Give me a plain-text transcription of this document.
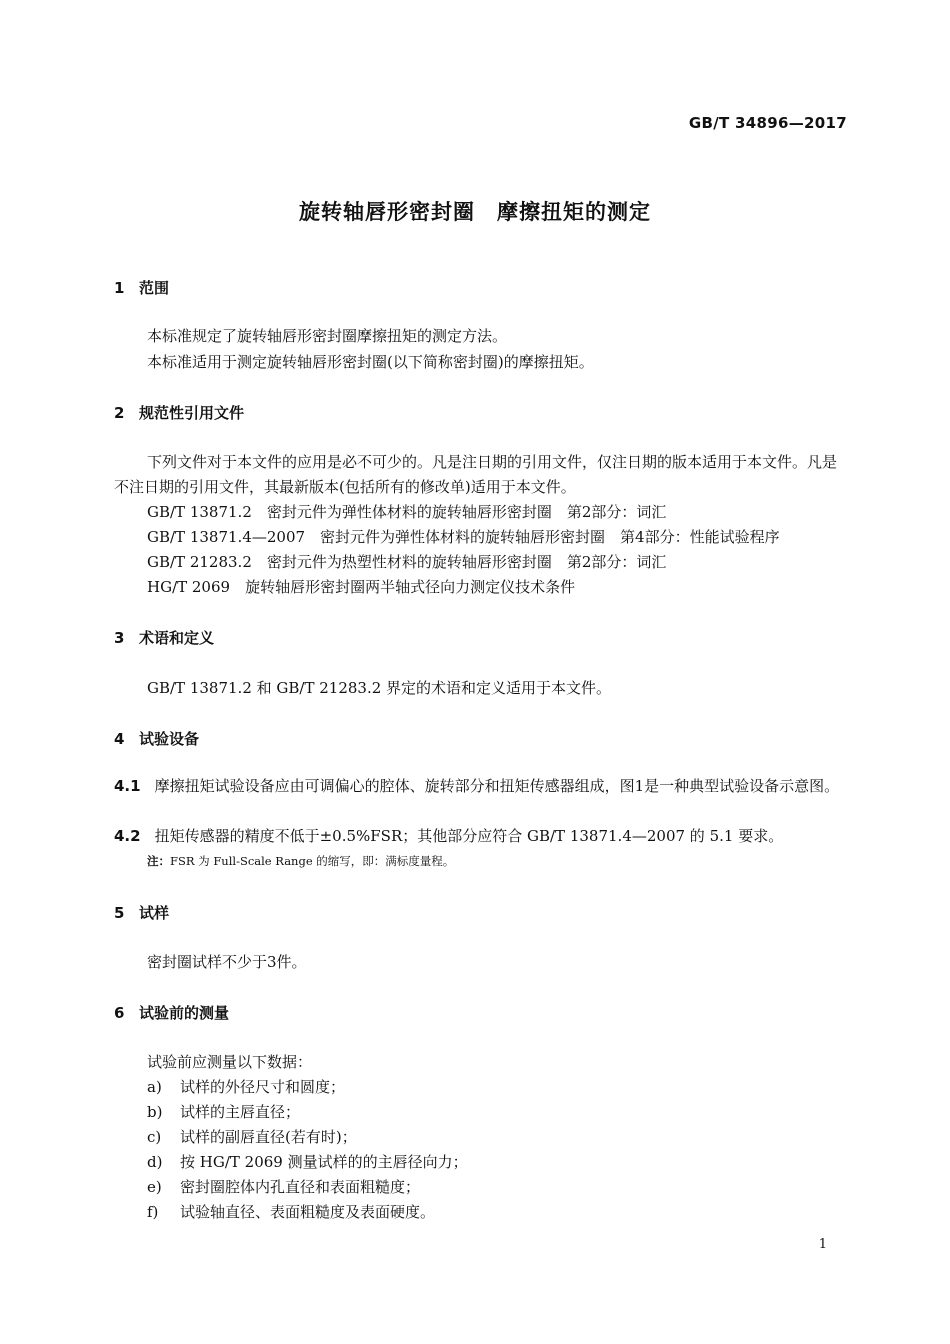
GB/T 34896—2017
旋转轴唇形密封圈　摩擦扭矩的测定
1 范围
本标准规定了旋转轴唇形密封圈摩擦扭矩的测定方法。
本标准适用于测定旋转轴唇形密封圈(以下简称密封圈)的摩擦扭矩。
2 规范性引用文件
下列文件对于本文件的应用是必不可少的。凡是注日期的引用文件，仅注日期的版本适用于本文件。凡是不注日期的引用文件，其最新版本(包括所有的修改单)适用于本文件。
GB/T 13871.2　密封元件为弹性体材料的旋转轴唇形密封圈　第2部分：词汇
GB/T 13871.4—2007　密封元件为弹性体材料的旋转轴唇形密封圈　第4部分：性能试验程序
GB/T 21283.2　密封元件为热塑性材料的旋转轴唇形密封圈　第2部分：词汇
HG/T 2069　旋转轴唇形密封圈两半轴式径向力测定仪技术条件
3 术语和定义
GB/T 13871.2 和 GB/T 21283.2 界定的术语和定义适用于本文件。
4 试验设备
4.1 摩擦扭矩试验设备应由可调偏心的腔体、旋转部分和扭矩传感器组成，图1是一种典型试验设备示意图。
4.2 扭矩传感器的精度不低于±0.5%FSR；其他部分应符合 GB/T 13871.4—2007 的 5.1 要求。
注：FSR 为 Full-Scale Range 的缩写，即：满标度量程。
5 试样
密封圈试样不少于3件。
6 试验前的测量
试验前应测量以下数据：
a) 试样的外径尺寸和圆度；
b) 试样的主唇直径；
c) 试样的副唇直径(若有时)；
d) 按 HG/T 2069 测量试样的的主唇径向力；
e) 密封圈腔体内孔直径和表面粗糙度；
f) 试验轴直径、表面粗糙度及表面硬度。
1
